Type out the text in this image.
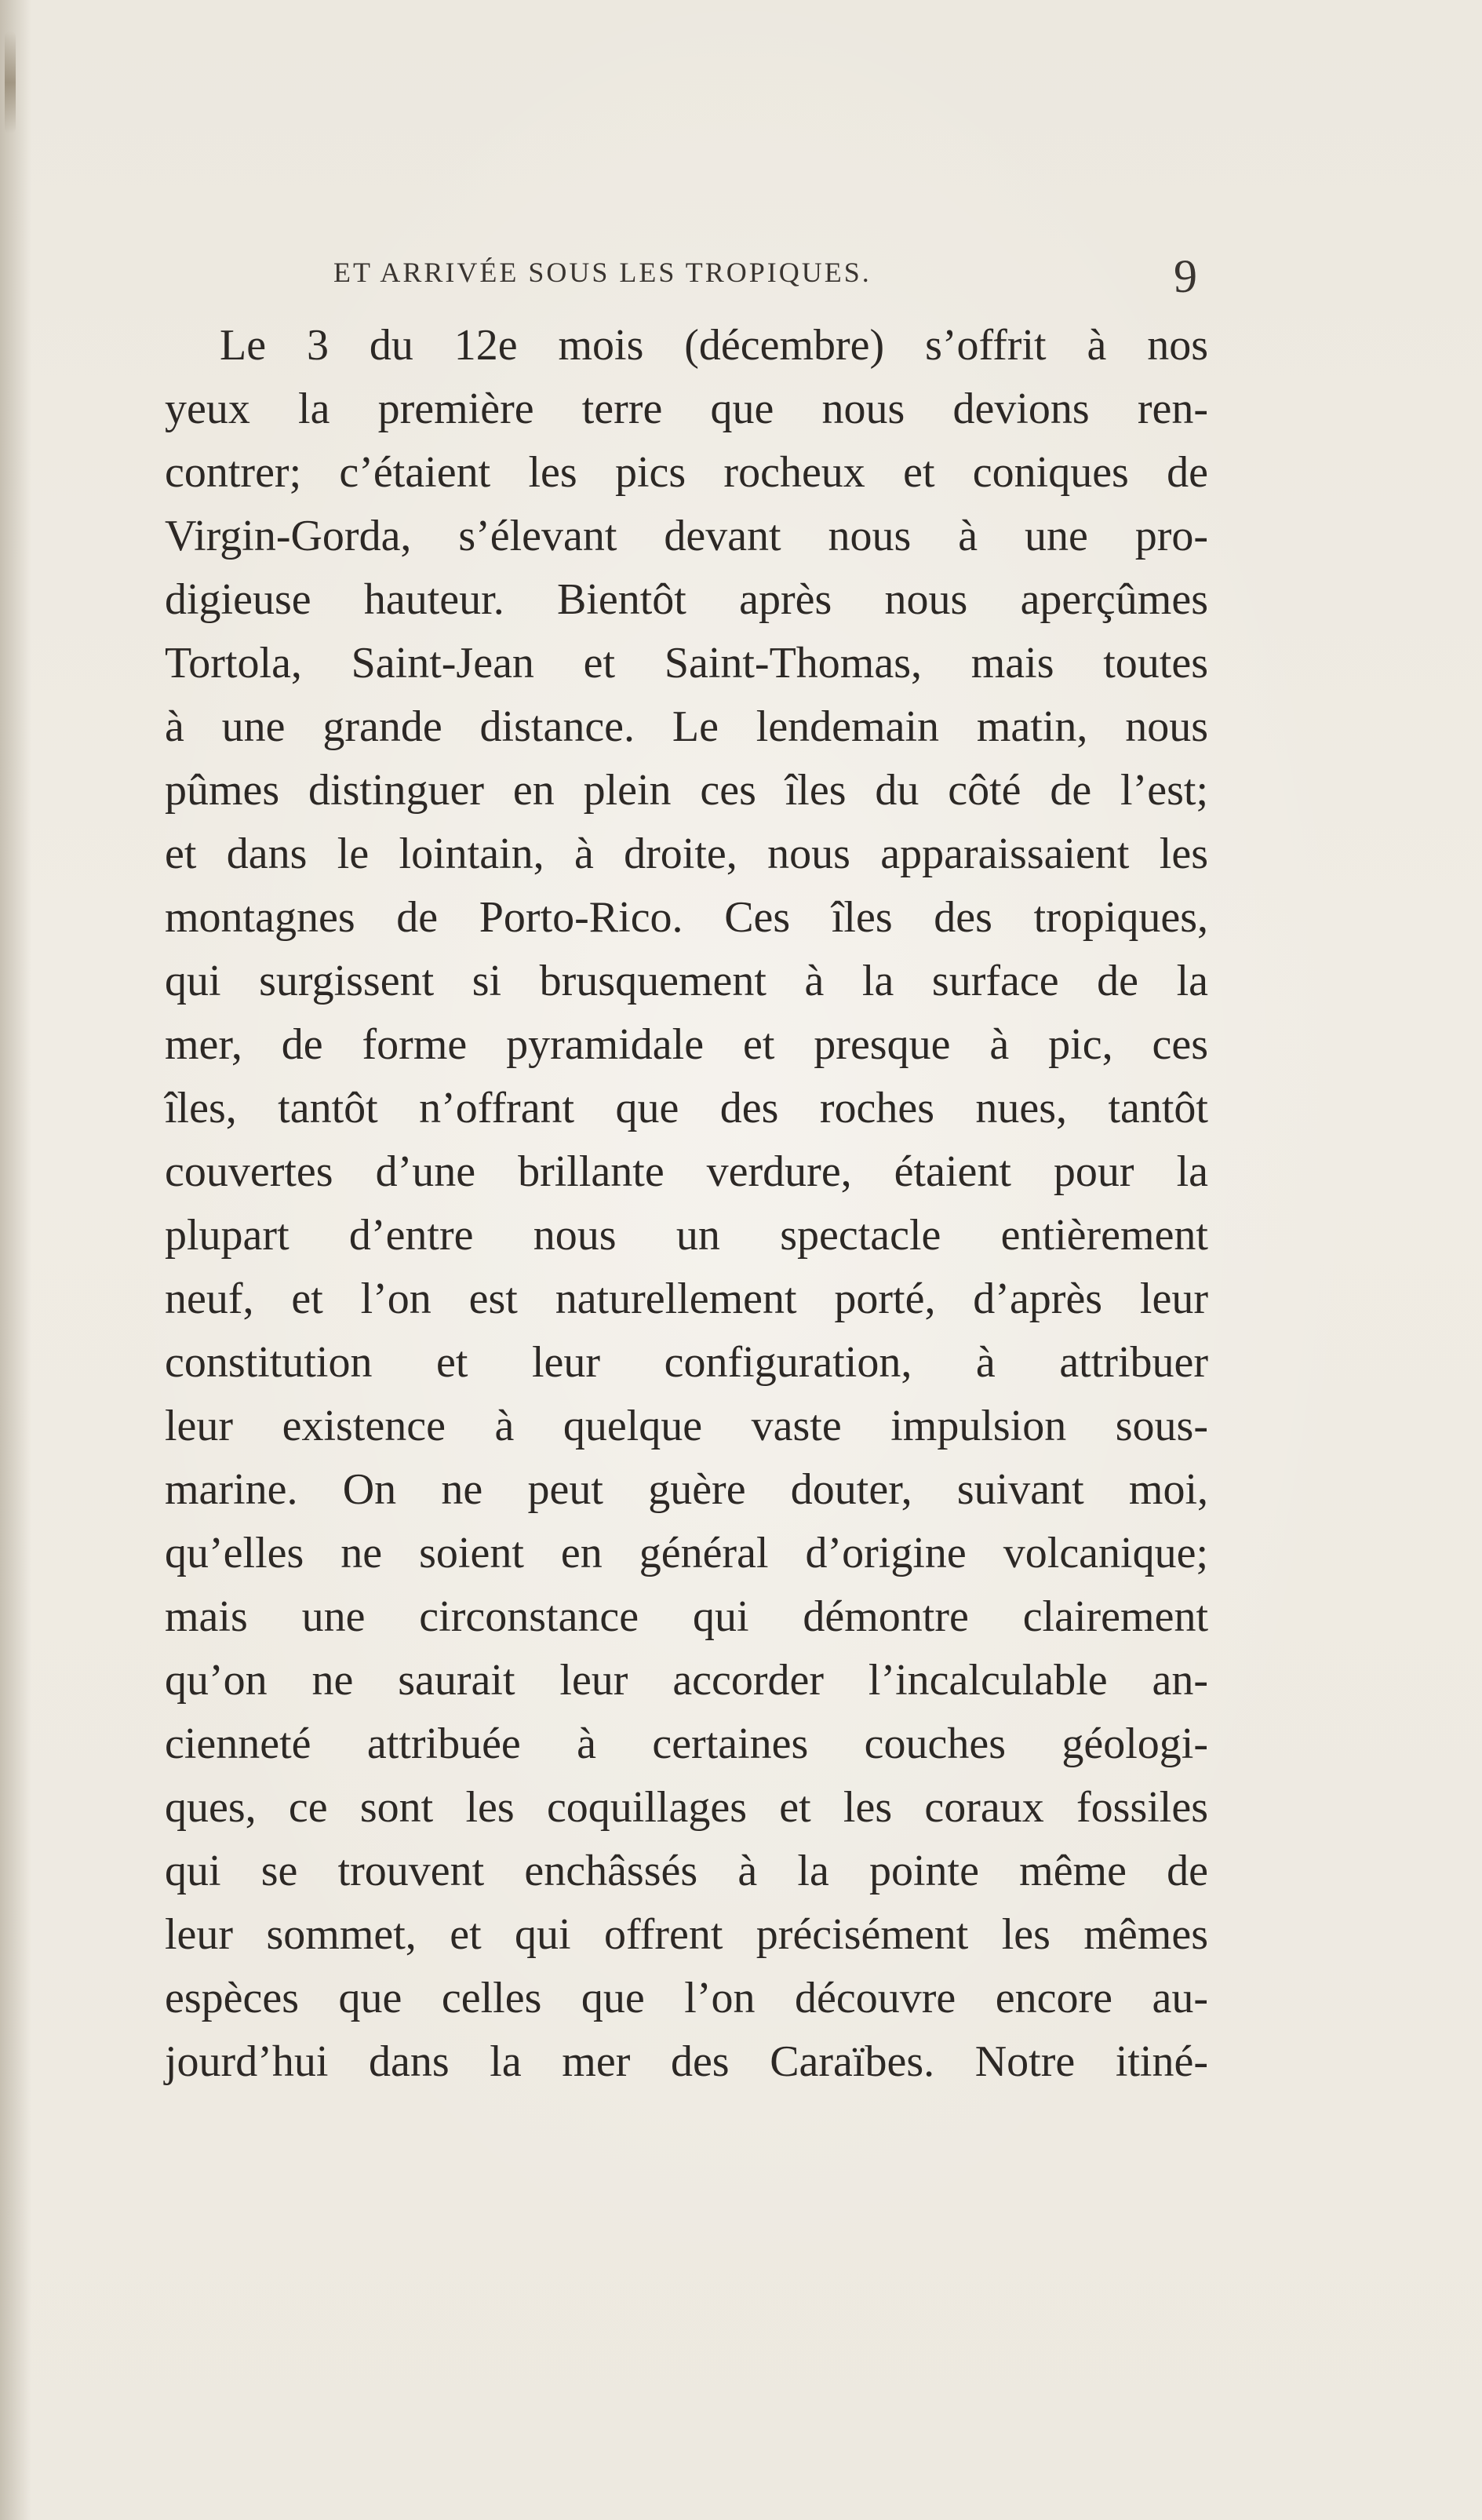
ET ARRIVÉE SOUS LES TROPIQUES.	9
Le 3 du 12e mois (décembre) s’offrit à nos
yeux la première terre que nous devions ren-
contrer; c’étaient les pics rocheux et coniques de
Virgin-Gorda, s’élevant devant nous à une pro-
digieuse hauteur. Bientôt après nous aperçûmes
Tortola, Saint-Jean et Saint-Thomas, mais toutes
à une grande distance. Le lendemain matin, nous
pûmes distinguer en plein ces îles du côté de l’est;
et dans le lointain, à droite, nous apparaissaient les
montagnes de Porto-Rico. Ces îles des tropiques,
qui surgissent si brusquement à la surface de la
mer, de forme pyramidale et presque à pic, ces
îles, tantôt n’offrant que des roches nues, tantôt
couvertes d’une brillante verdure, étaient pour la
plupart d’entre nous un spectacle entièrement
neuf, et l’on est naturellement porté, d’après leur
constitution et leur configuration, à attribuer
leur existence à quelque vaste impulsion sous-
marine. On ne peut guère douter, suivant moi,
qu’elles ne soient en général d’origine volcanique;
mais une circonstance qui démontre clairement
qu’on ne saurait leur accorder l’incalculable an-
cienneté attribuée à certaines couches géologi-
ques, ce sont les coquillages et les coraux fossiles
qui se trouvent enchâssés à la pointe même de
leur sommet, et qui offrent précisément les mêmes
espèces que celles que l’on découvre encore au-
jourd’hui dans la mer des Caraïbes. Notre itiné-
